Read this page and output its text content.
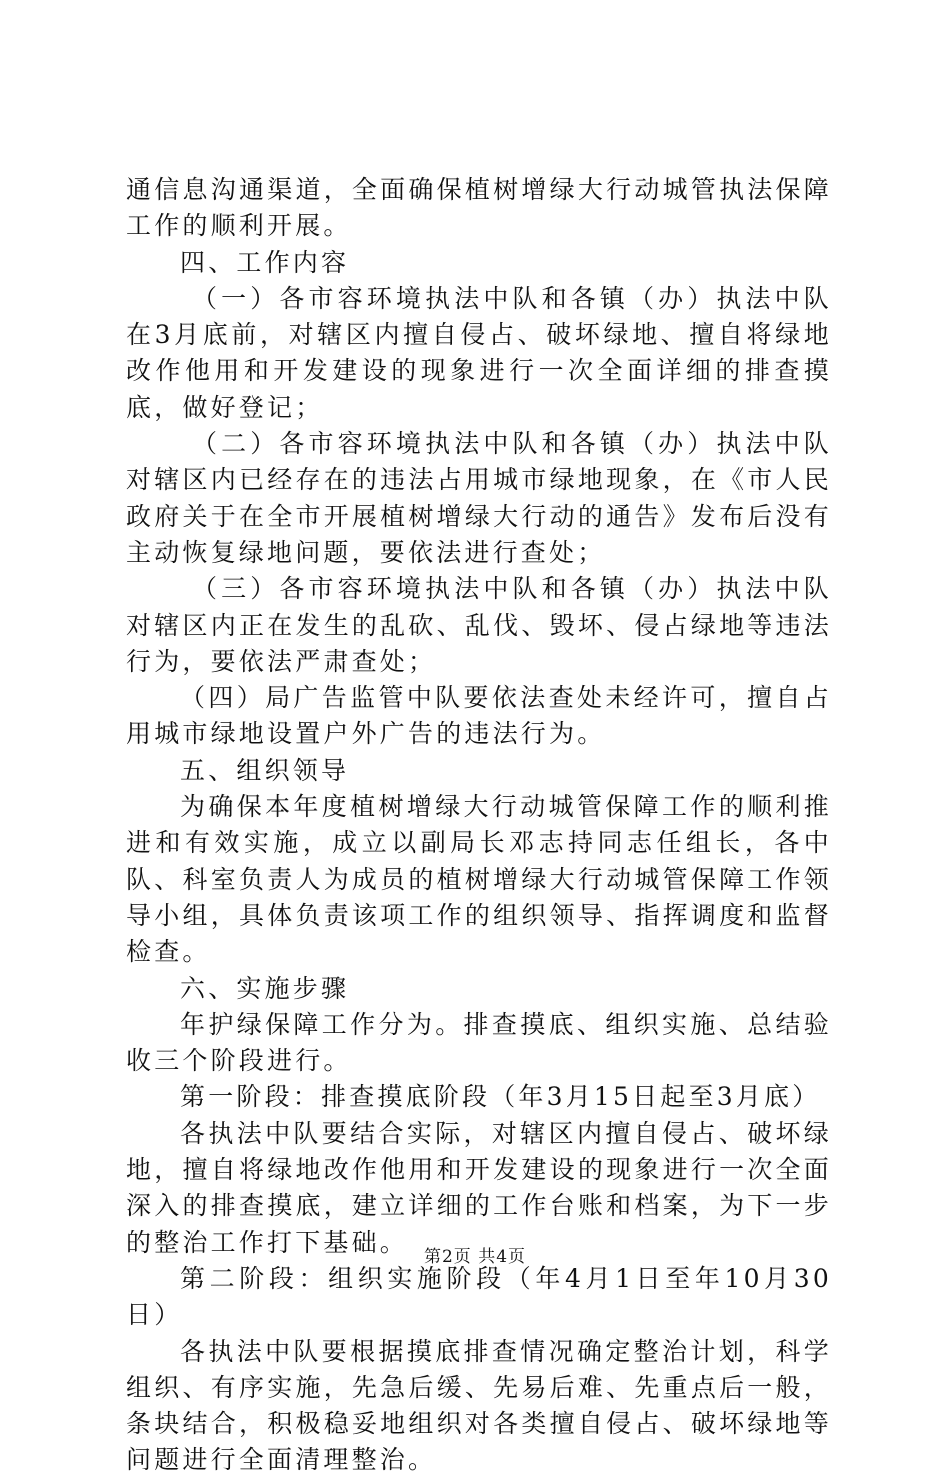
通信息沟通渠道，全面确保植树增绿大行动城管执法保障工作的顺利开展。

四、工作内容

（一）各市容环境执法中队和各镇（办）执法中队在3月底前，对辖区内擅自侵占、破坏绿地、擅自将绿地改作他用和开发建设的现象进行一次全面详细的排查摸底，做好登记；

（二）各市容环境执法中队和各镇（办）执法中队对辖区内已经存在的违法占用城市绿地现象，在《市人民政府关于在全市开展植树增绿大行动的通告》发布后没有主动恢复绿地问题，要依法进行查处；

（三）各市容环境执法中队和各镇（办）执法中队对辖区内正在发生的乱砍、乱伐、毁坏、侵占绿地等违法行为，要依法严肃查处；

（四）局广告监管中队要依法查处未经许可，擅自占用城市绿地设置户外广告的违法行为。

五、组织领导

为确保本年度植树增绿大行动城管保障工作的顺利推进和有效实施，成立以副局长邓志持同志任组长，各中队、科室负责人为成员的植树增绿大行动城管保障工作领导小组，具体负责该项工作的组织领导、指挥调度和监督检查。

六、实施步骤

年护绿保障工作分为。排查摸底、组织实施、总结验收三个阶段进行。

第一阶段：排查摸底阶段（年3月15日起至3月底）

各执法中队要结合实际，对辖区内擅自侵占、破坏绿地，擅自将绿地改作他用和开发建设的现象进行一次全面深入的排查摸底，建立详细的工作台账和档案，为下一步的整治工作打下基础。

第二阶段：组织实施阶段（年4月1日至年10月30日）

各执法中队要根据摸底排查情况确定整治计划，科学组织、有序实施，先急后缓、先易后难、先重点后一般，条块结合，积极稳妥地组织对各类擅自侵占、破坏绿地等问题进行全面清理整治。

第2页 共4页
